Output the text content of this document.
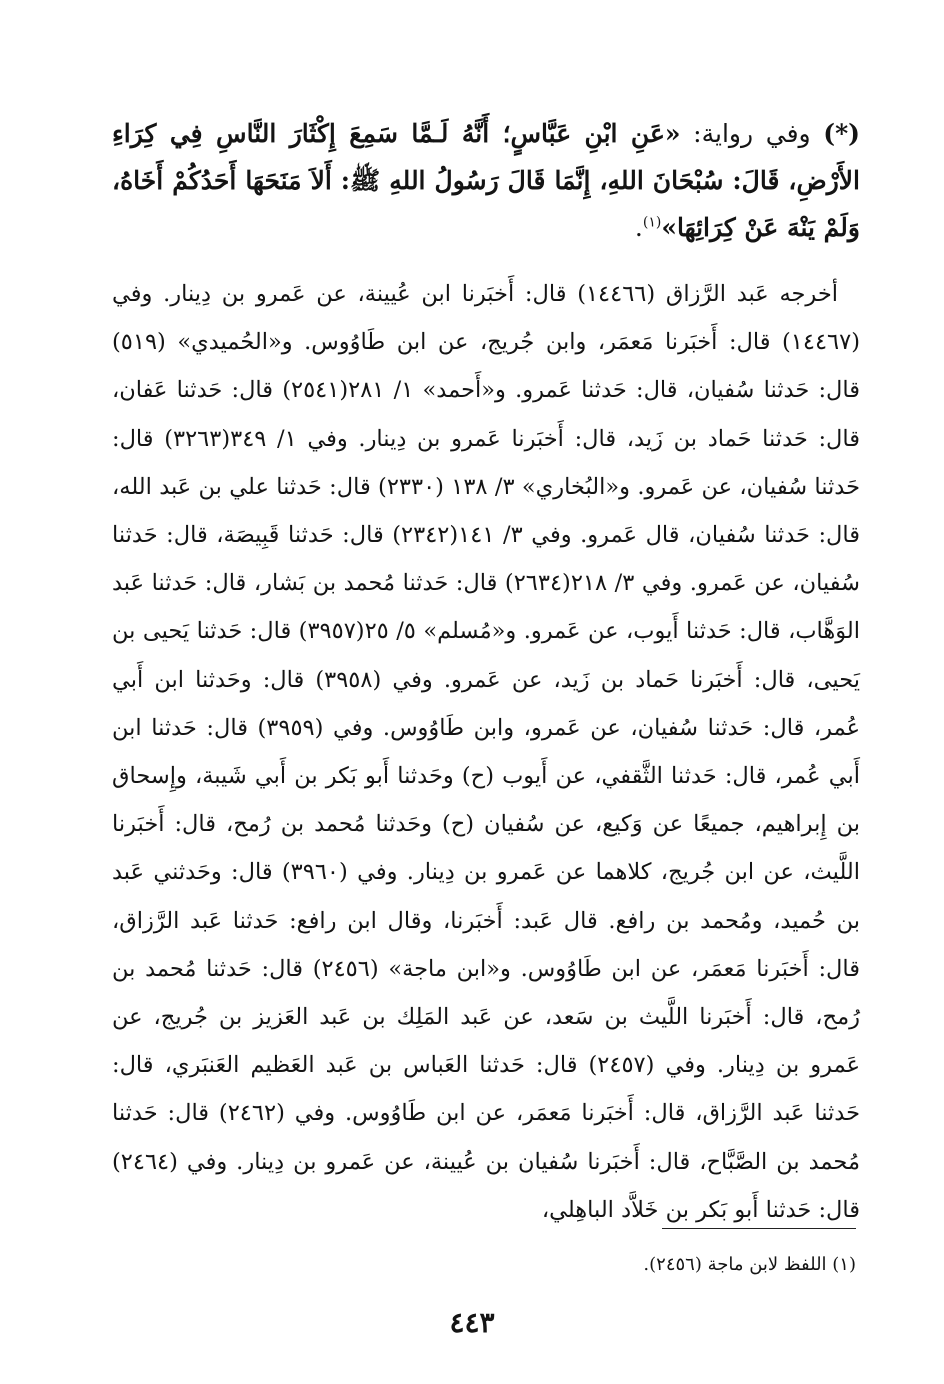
(*) وفي رواية: «عَنِ ابْنِ عَبَّاسٍ؛ أَنَّهُ لَـمَّا سَمِعَ إِكْثَارَ النَّاسِ فِي كِرَاءِ الأَرْضِ، قَالَ: سُبْحَانَ اللهِ، إِنَّمَا قَالَ رَسُولُ اللهِ ﷺ: أَلاَ مَنَحَهَا أَحَدُكُمْ أَخَاهُ، وَلَمْ يَنْهَ عَنْ كِرَائِهَا»$^{(١)}$.

أخرجه عَبد الرَّزاق (١٤٤٦٦) قال: أَخبَرنا ابن عُيينة، عن عَمرو بن دِينار. وفي (١٤٤٦٧) قال: أَخبَرنا مَعمَر، وابن جُريج، عن ابن طَاوُوس. و«الحُميدي» (٥١٩) قال: حَدثنا سُفيان، قال: حَدثنا عَمرو. و«أَحمد» ١/ ٢٨١(٢٥٤١) قال: حَدثنا عَفان، قال: حَدثنا حَماد بن زَيد، قال: أَخبَرنا عَمرو بن دِينار. وفي ١/ ٣٤٩(٣٢٦٣) قال: حَدثنا سُفيان، عن عَمرو. و«البُخاري» ٣/ ١٣٨ (٢٣٣٠) قال: حَدثنا علي بن عَبد الله، قال: حَدثنا سُفيان، قال عَمرو. وفي ٣/ ١٤١(٢٣٤٢) قال: حَدثنا قَبِيصَة، قال: حَدثنا سُفيان، عن عَمرو. وفي ٣/ ٢١٨(٢٦٣٤) قال: حَدثنا مُحمد بن بَشار، قال: حَدثنا عَبد الوَهَّاب، قال: حَدثنا أَيوب، عن عَمرو. و«مُسلم» ٥/ ٢٥(٣٩٥٧) قال: حَدثنا يَحيى بن يَحيى، قال: أَخبَرنا حَماد بن زَيد، عن عَمرو. وفي (٣٩٥٨) قال: وحَدثنا ابن أَبي عُمر، قال: حَدثنا سُفيان، عن عَمرو، وابن طَاوُوس. وفي (٣٩٥٩) قال: حَدثنا ابن أَبي عُمر، قال: حَدثنا الثَّقفي، عن أَيوب (ح) وحَدثنا أَبو بَكر بن أَبي شَيبة، وإِسحاق بن إِبراهيم، جميعًا عن وَكيع، عن سُفيان (ح) وحَدثنا مُحمد بن رُمح، قال: أَخبَرنا اللَّيث، عن ابن جُريج، كلاهما عن عَمرو بن دِينار. وفي (٣٩٦٠) قال: وحَدثني عَبد بن حُميد، ومُحمد بن رافع. قال عَبد: أَخبَرنا، وقال ابن رافع: حَدثنا عَبد الرَّزاق، قال: أَخبَرنا مَعمَر، عن ابن طَاوُوس. و«ابن ماجة» (٢٤٥٦) قال: حَدثنا مُحمد بن رُمح، قال: أَخبَرنا اللَّيث بن سَعد، عن عَبد المَلِك بن عَبد العَزيز بن جُريج، عن عَمرو بن دِينار. وفي (٢٤٥٧) قال: حَدثنا العَباس بن عَبد العَظيم العَنبَري، قال: حَدثنا عَبد الرَّزاق، قال: أَخبَرنا مَعمَر، عن ابن طَاوُوس. وفي (٢٤٦٢) قال: حَدثنا مُحمد بن الصَّبَّاح، قال: أَخبَرنا سُفيان بن عُيينة، عن عَمرو بن دِينار. وفي (٢٤٦٤) قال: حَدثنا أَبو بَكر بن خَلاَّد الباهِلي،

(١) اللفظ لابن ماجة (٢٤٥٦).

٤٤٣
